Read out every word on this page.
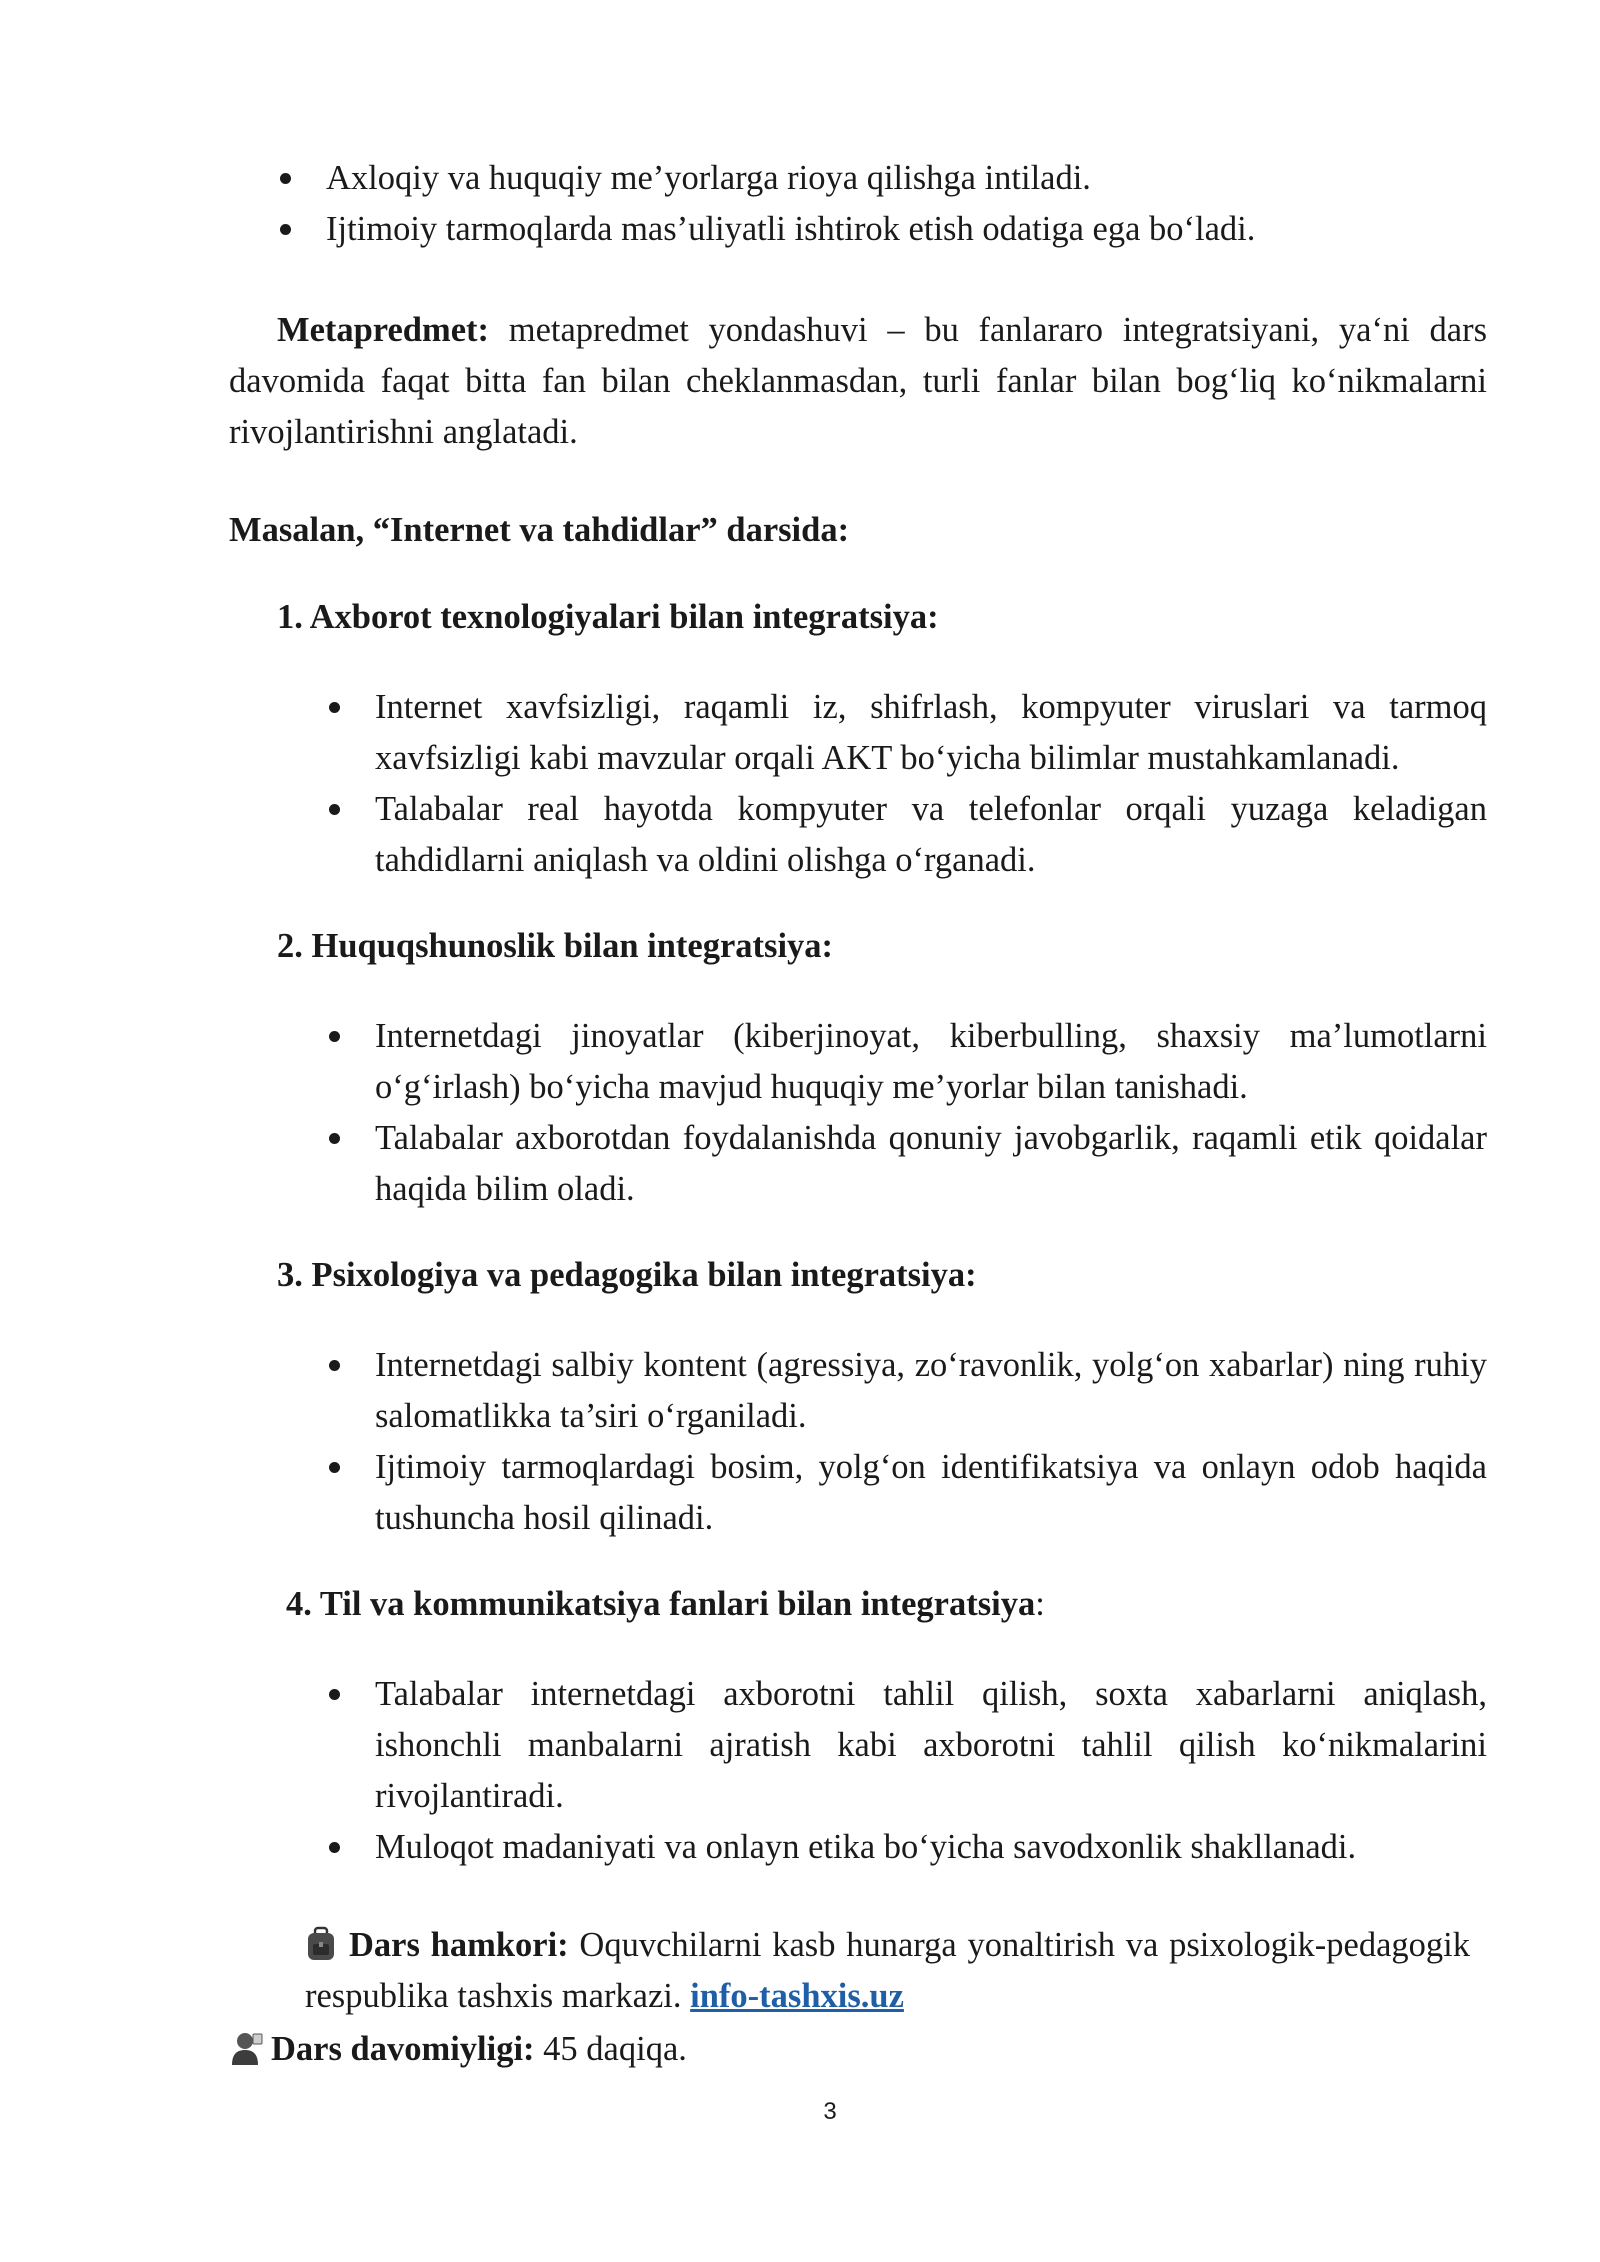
Axloqiy va huquqiy me’yorlarga rioya qilishga intiladi.
Ijtimoiy tarmoqlarda mas’uliyatli ishtirok etish odatiga ega bo‘ladi.
Metapredmet: metapredmet yondashuvi – bu fanlararo integratsiyani, ya‘ni dars davomida faqat bitta fan bilan cheklanmasdan, turli fanlar bilan bog‘liq ko‘nikmalarni rivojlantirishni anglatadi.
Masalan, “Internet va tahdidlar” darsida:
1. Axborot texnologiyalari bilan integratsiya:
Internet xavfsizligi, raqamli iz, shifrlash, kompyuter viruslari va tarmoq xavfsizligi kabi mavzular orqali AKT bo‘yicha bilimlar mustahkamlanadi.
Talabalar real hayotda kompyuter va telefonlar orqali yuzaga keladigan tahdidlarni aniqlash va oldini olishga o‘rganadi.
2. Huquqshunoslik bilan integratsiya:
Internetdagi jinoyatlar (kiberjinoyat, kiberbulling, shaxsiy ma’lumotlarni o‘g‘irlash) bo‘yicha mavjud huquqiy me’yorlar bilan tanishadi.
Talabalar axborotdan foydalanishda qonuniy javobgarlik, raqamli etik qoidalar haqida bilim oladi.
3. Psixologiya va pedagogika bilan integratsiya:
Internetdagi salbiy kontent (agressiya, zo‘ravonlik, yolg‘on xabarlar) ning ruhiy salomatlikka ta’siri o‘rganiladi.
Ijtimoiy tarmoqlardagi bosim, yolg‘on identifikatsiya va onlayn odob haqida tushuncha hosil qilinadi.
4. Til va kommunikatsiya fanlari bilan integratsiya:
Talabalar internetdagi axborotni tahlil qilish, soxta xabarlarni aniqlash, ishonchli manbalarni ajratish kabi axborotni tahlil qilish ko‘nikmalarini rivojlantiradi.
Muloqot madaniyati va onlayn etika bo‘yicha savodxonlik shakllanadi.
Dars hamkori: Oquvchilarni kasb hunarga yonaltirish va psixologik-pedagogik respublika tashxis markazi. info-tashxis.uz
Dars davomiyligi: 45 daqiqa.
3
